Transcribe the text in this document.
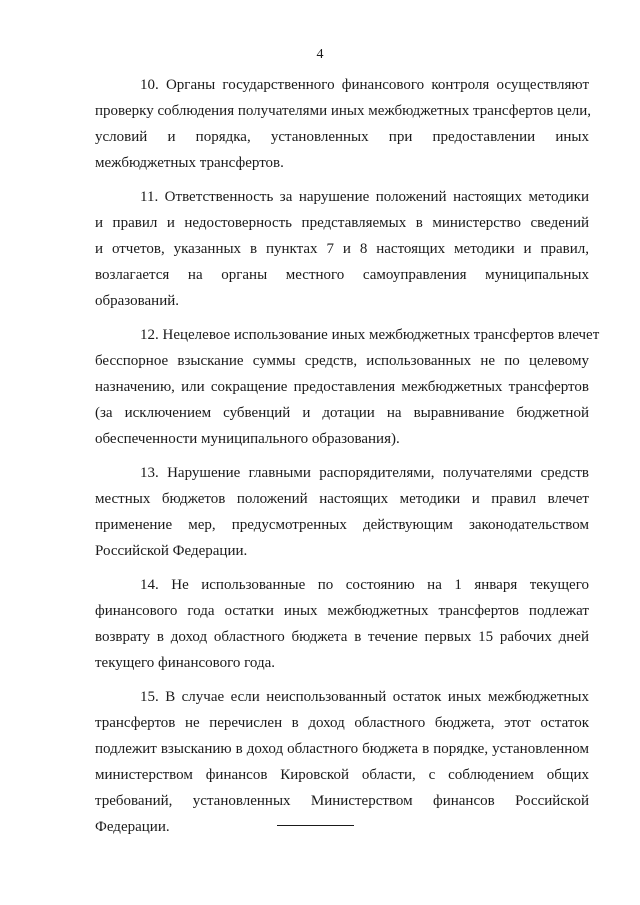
4
10. Органы государственного финансового контроля осуществляют
проверку соблюдения получателями иных межбюджетных трансфертов цели,
условий и порядка, установленных при предоставлении иных
межбюджетных трансфертов.
11. Ответственность за нарушение положений настоящих методики
и правил и недостоверность представляемых в министерство сведений
и отчетов, указанных в пунктах 7 и 8 настоящих методики и правил,
возлагается на органы местного самоуправления муниципальных
образований.
12. Нецелевое использование иных межбюджетных трансфертов влечет
бесспорное взыскание суммы средств, использованных не по целевому
назначению, или сокращение предоставления межбюджетных трансфертов
(за исключением субвенций и дотации на выравнивание бюджетной
обеспеченности муниципального образования).
13. Нарушение главными распорядителями, получателями средств
местных бюджетов положений настоящих методики и правил влечет
применение мер, предусмотренных действующим законодательством
Российской Федерации.
14. Не использованные по состоянию на 1 января текущего
финансового года остатки иных межбюджетных трансфертов подлежат
возврату в доход областного бюджета в течение первых 15 рабочих дней
текущего финансового года.
15. В случае если неиспользованный остаток иных межбюджетных
трансфертов не перечислен в доход областного бюджета, этот остаток
подлежит взысканию в доход областного бюджета в порядке, установленном
министерством финансов Кировской области, с соблюдением общих
требований, установленных Министерством финансов Российской
Федерации.
